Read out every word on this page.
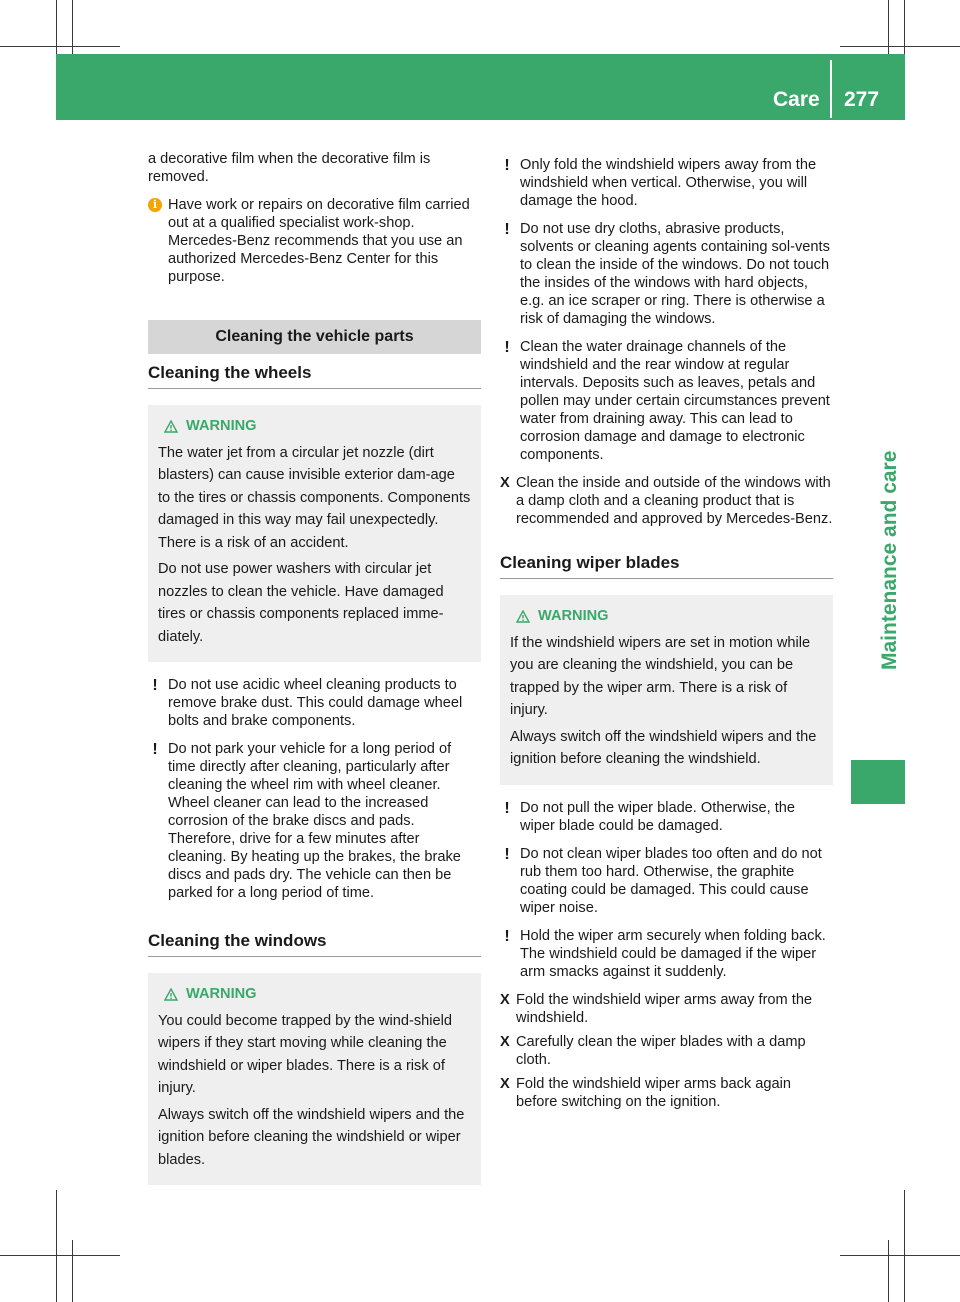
Care 277
Maintenance and care

a decorative film when the decorative film is removed.

i Have work or repairs on decorative film carried out at a qualified specialist work-shop. Mercedes-Benz recommends that you use an authorized Mercedes-Benz Center for this purpose.

Cleaning the vehicle parts
Cleaning the wheels
WARNING

The water jet from a circular jet nozzle (dirt blasters) can cause invisible exterior dam-age to the tires or chassis components. Components damaged in this way may fail unexpectedly. There is a risk of an accident.

Do not use power washers with circular jet nozzles to clean the vehicle. Have damaged tires or chassis components replaced imme-diately.

! Do not use acidic wheel cleaning products to remove brake dust. This could damage wheel bolts and brake components.

! Do not park your vehicle for a long period of time directly after cleaning, particularly after cleaning the wheel rim with wheel cleaner. Wheel cleaner can lead to the increased corrosion of the brake discs and pads. Therefore, drive for a few minutes after cleaning. By heating up the brakes, the brake discs and pads dry. The vehicle can then be parked for a long period of time.

Cleaning the windows
WARNING

You could become trapped by the wind-shield wipers if they start moving while cleaning the windshield or wiper blades. There is a risk of injury.

Always switch off the windshield wipers and the ignition before cleaning the windshield or wiper blades.

! Only fold the windshield wipers away from the windshield when vertical. Otherwise, you will damage the hood.

! Do not use dry cloths, abrasive products, solvents or cleaning agents containing sol-vents to clean the inside of the windows. Do not touch the insides of the windows with hard objects, e.g. an ice scraper or ring. There is otherwise a risk of damaging the windows.

! Clean the water drainage channels of the windshield and the rear window at regular intervals. Deposits such as leaves, petals and pollen may under certain circumstances prevent water from draining away. This can lead to corrosion damage and damage to electronic components.

X Clean the inside and outside of the windows with a damp cloth and a cleaning product that is recommended and approved by Mercedes-Benz.

Cleaning wiper blades
WARNING

If the windshield wipers are set in motion while you are cleaning the windshield, you can be trapped by the wiper arm. There is a risk of injury.

Always switch off the windshield wipers and the ignition before cleaning the windshield.

! Do not pull the wiper blade. Otherwise, the wiper blade could be damaged.

! Do not clean wiper blades too often and do not rub them too hard. Otherwise, the graphite coating could be damaged. This could cause wiper noise.

! Hold the wiper arm securely when folding back. The windshield could be damaged if the wiper arm smacks against it suddenly.

X Fold the windshield wiper arms away from the windshield.

X Carefully clean the wiper blades with a damp cloth.

X Fold the windshield wiper arms back again before switching on the ignition.
